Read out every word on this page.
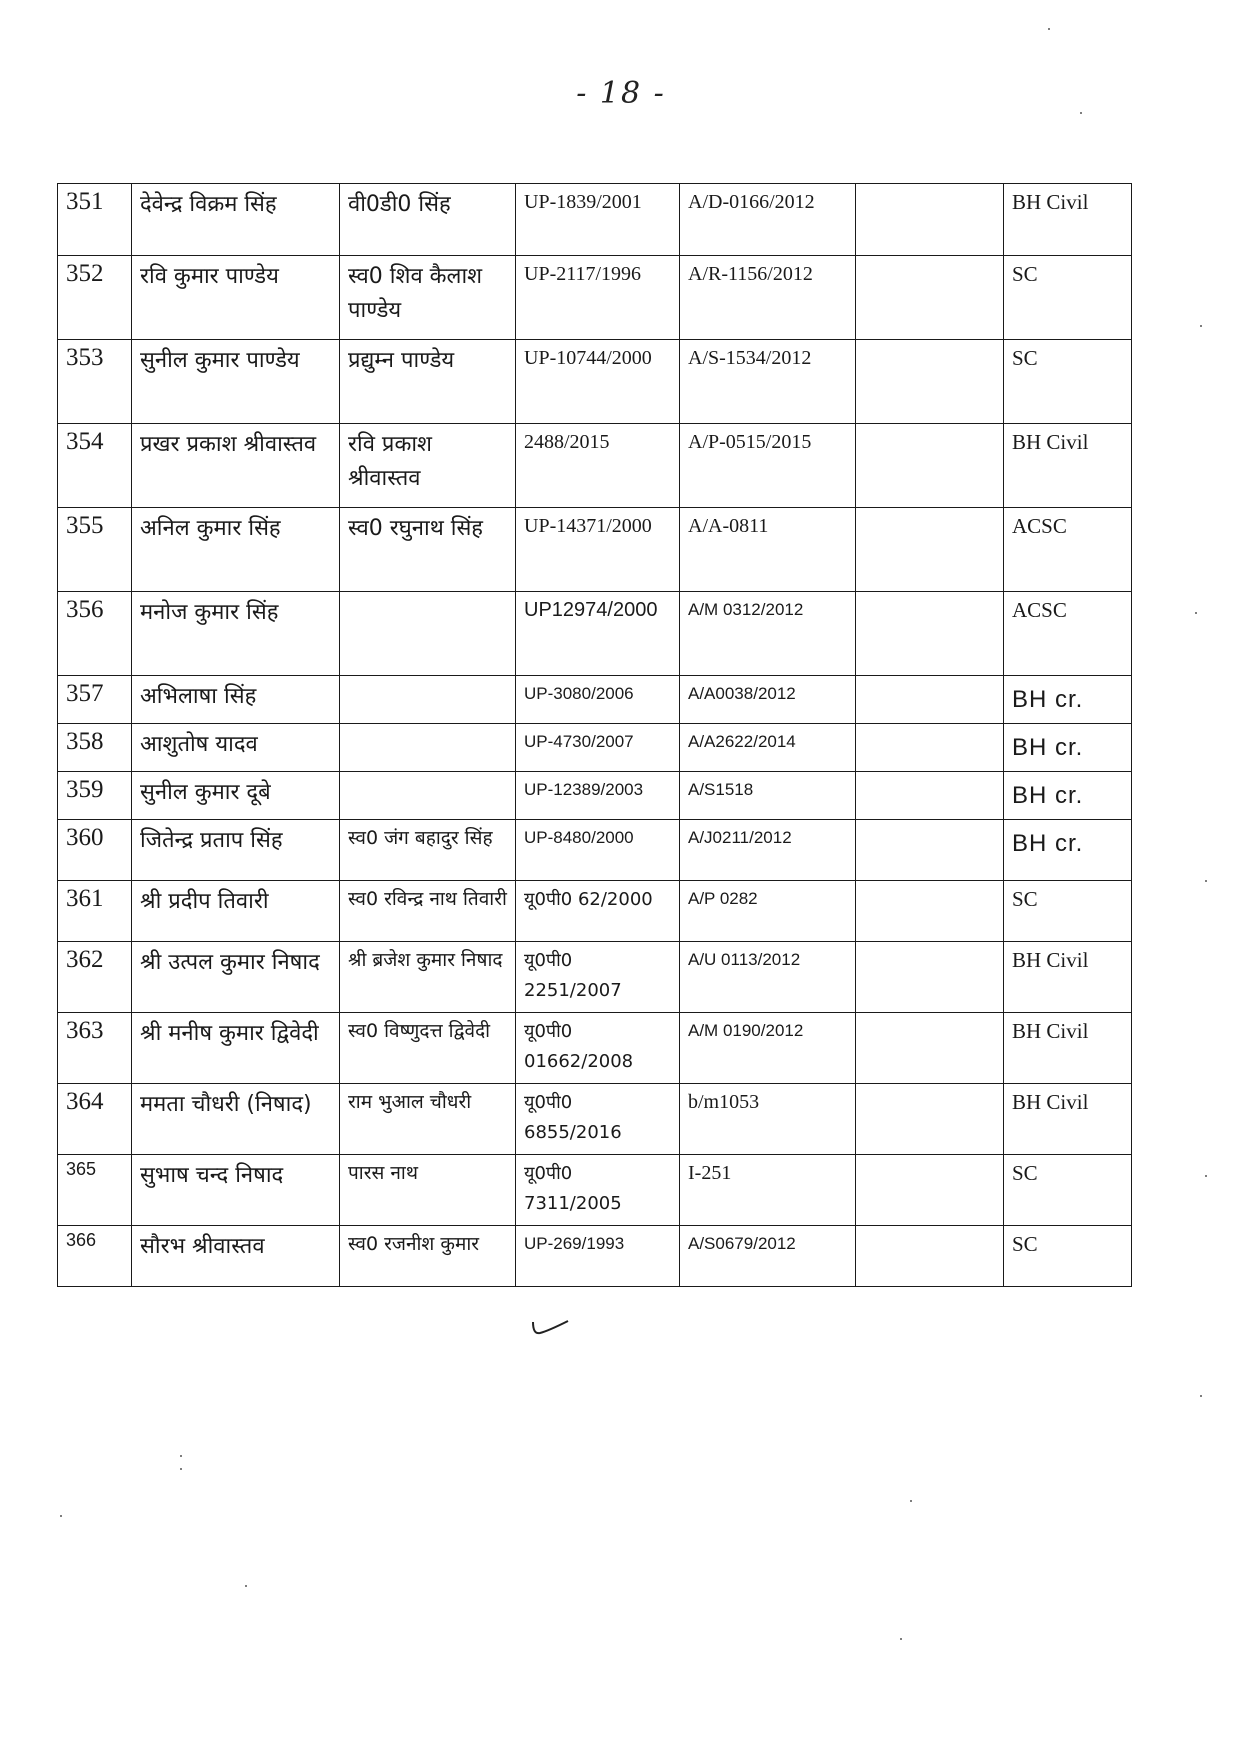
- 18 -
351	देवेन्द्र विक्रम सिंह	वी0डी0 सिंह	UP-1839/2001	A/D-0166/2012		BH Civil
352	रवि कुमार पाण्डेय	स्व0 शिव कैलाश पाण्डेय	UP-2117/1996	A/R-1156/2012		SC
353	सुनील कुमार पाण्डेय	प्रद्युम्न पाण्डेय	UP-10744/2000	A/S-1534/2012		SC
354	प्रखर प्रकाश श्रीवास्तव	रवि प्रकाश श्रीवास्तव	2488/2015	A/P-0515/2015		BH Civil
355	अनिल कुमार सिंह	स्व0 रघुनाथ सिंह	UP-14371/2000	A/A-0811		ACSC
356	मनोज कुमार सिंह		UP12974/2000	A/M 0312/2012		ACSC
357	अभिलाषा सिंह		UP-3080/2006	A/A0038/2012		BH cr.
358	आशुतोष यादव		UP-4730/2007	A/A2622/2014		BH cr.
359	सुनील कुमार दूबे		UP-12389/2003	A/S1518		BH cr.
360	जितेन्द्र प्रताप सिंह	स्व0 जंग बहादुर सिंह	UP-8480/2000	A/J0211/2012		BH cr.
361	श्री प्रदीप तिवारी	स्व0 रविन्द्र नाथ तिवारी	यू0पी0 62/2000	A/P 0282		SC
362	श्री उत्पल कुमार निषाद	श्री ब्रजेश कुमार निषाद	यू0पी0 2251/2007	A/U 0113/2012		BH Civil
363	श्री मनीष कुमार द्विवेदी	स्व0 विष्णुदत्त द्विवेदी	यू0पी0 01662/2008	A/M 0190/2012		BH Civil
364	ममता चौधरी (निषाद)	राम भुआल चौधरी	यू0पी0 6855/2016	b/m1053		BH Civil
365	सुभाष चन्द निषाद	पारस नाथ	यू0पी0 7311/2005	I-251		SC
366	सौरभ श्रीवास्तव	स्व0 रजनीश कुमार	UP-269/1993	A/S0679/2012		SC
